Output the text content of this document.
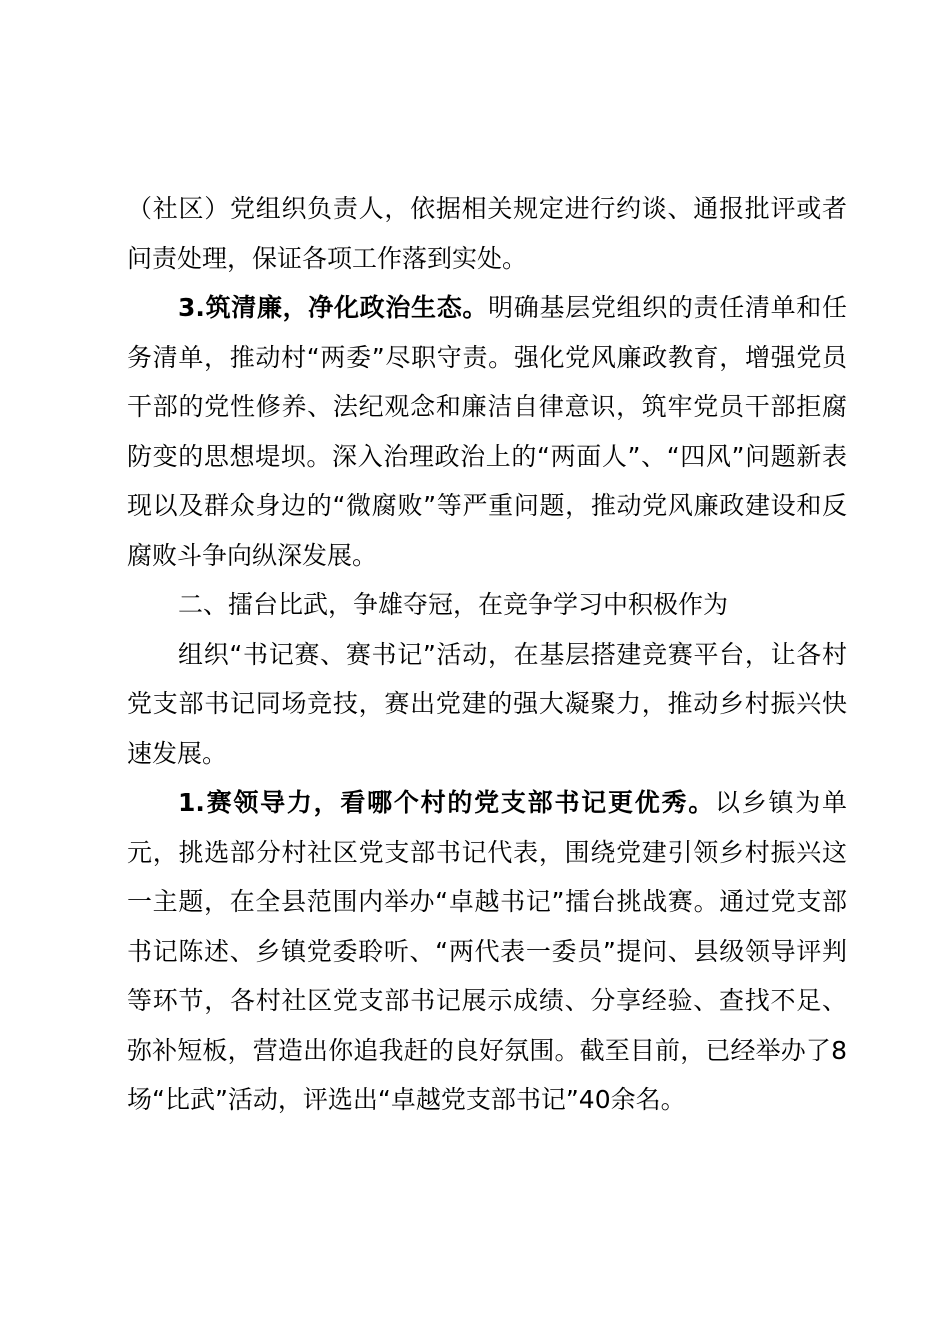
（社区）党组织负责人，依据相关规定进行约谈、通报批评或者问责处理，保证各项工作落到实处。

3.筑清廉，净化政治生态。明确基层党组织的责任清单和任务清单，推动村“两委”尽职守责。强化党风廉政教育，增强党员干部的党性修养、法纪观念和廉洁自律意识，筑牢党员干部拒腐防变的思想堤坝。深入治理政治上的“两面人”、“四风”问题新表现以及群众身边的“微腐败”等严重问题，推动党风廉政建设和反腐败斗争向纵深发展。

二、擂台比武，争雄夺冠，在竞争学习中积极作为

组织“书记赛、赛书记”活动，在基层搭建竞赛平台，让各村党支部书记同场竞技，赛出党建的强大凝聚力，推动乡村振兴快速发展。

1.赛领导力，看哪个村的党支部书记更优秀。以乡镇为单元，挑选部分村社区党支部书记代表，围绕党建引领乡村振兴这一主题，在全县范围内举办“卓越书记”擂台挑战赛。通过党支部书记陈述、乡镇党委聆听、“两代表一委员”提问、县级领导评判等环节，各村社区党支部书记展示成绩、分享经验、查找不足、弥补短板，营造出你追我赶的良好氛围。截至目前，已经举办了8场“比武”活动，评选出“卓越党支部书记”40余名。
